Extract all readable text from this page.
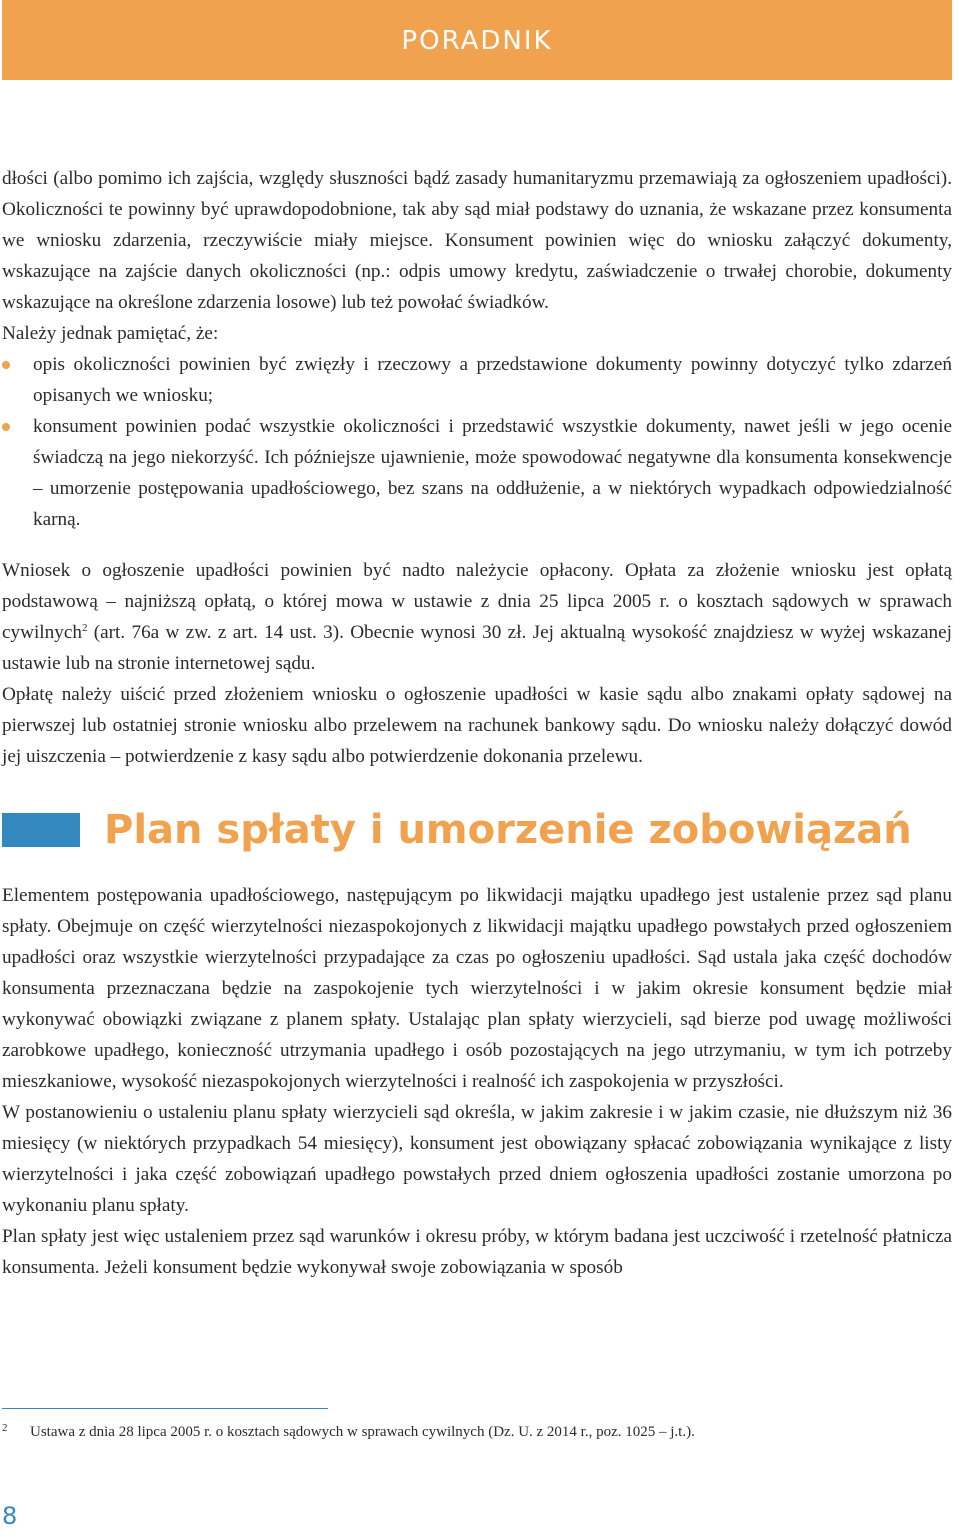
PORADNIK

dłości (albo pomimo ich zajścia, względy słuszności bądź zasady humanitaryzmu przemawiają za ogłoszeniem upadłości). Okoliczności te powinny być uprawdopodobnione, tak aby sąd miał podstawy do uznania, że wskazane przez konsumenta we wniosku zdarzenia, rzeczywiście miały miejsce. Konsument powinien więc do wniosku załączyć dokumenty, wskazujące na zajście danych okoliczności (np.: odpis umowy kredytu, zaświadczenie o trwałej chorobie, dokumenty wskazujące na określone zdarzenia losowe) lub też powołać świadków.

Należy jednak pamiętać, że:

opis okoliczności powinien być zwięzły i rzeczowy a przedstawione dokumenty powinny dotyczyć tylko zdarzeń opisanych we wniosku;
konsument powinien podać wszystkie okoliczności i przedstawić wszystkie dokumenty, nawet jeśli w jego ocenie świadczą na jego niekorzyść. Ich późniejsze ujawnienie, może spowodować negatywne dla konsumenta konsekwencje – umorzenie postępowania upadłościowego, bez szans na oddłużenie, a w niektórych wypadkach odpowiedzialność karną.

Wniosek o ogłoszenie upadłości powinien być nadto należycie opłacony. Opłata za złożenie wniosku jest opłatą podstawową – najniższą opłatą, o której mowa w ustawie z dnia 25 lipca 2005 r. o kosztach sądowych w sprawach cywilnych$^2$ (art. 76a w zw. z art. 14 ust. 3). Obecnie wynosi 30 zł. Jej aktualną wysokość znajdziesz w wyżej wskazanej ustawie lub na stronie internetowej sądu.

Opłatę należy uiścić przed złożeniem wniosku o ogłoszenie upadłości w kasie sądu albo znakami opłaty sądowej na pierwszej lub ostatniej stronie wniosku albo przelewem na rachunek bankowy sądu. Do wniosku należy dołączyć dowód jej uiszczenia – potwierdzenie z kasy sądu albo potwierdzenie dokonania przelewu.

Plan spłaty i umorzenie zobowiązań

Elementem postępowania upadłościowego, następującym po likwidacji majątku upadłego jest ustalenie przez sąd planu spłaty. Obejmuje on część wierzytelności niezaspokojonych z likwidacji majątku upadłego powstałych przed ogłoszeniem upadłości oraz wszystkie wierzytelności przypadające za czas po ogłoszeniu upadłości. Sąd ustala jaka część dochodów konsumenta przeznaczana będzie na zaspokojenie tych wierzytelności i w jakim okresie konsument będzie miał wykonywać obowiązki związane z planem spłaty. Ustalając plan spłaty wierzycieli, sąd bierze pod uwagę możliwości zarobkowe upadłego, konieczność utrzymania upadłego i osób pozostających na jego utrzymaniu, w tym ich potrzeby mieszkaniowe, wysokość niezaspokojonych wierzytelności i realność ich zaspokojenia w przyszłości.

W postanowieniu o ustaleniu planu spłaty wierzycieli sąd określa, w jakim zakresie i w jakim czasie, nie dłuższym niż 36 miesięcy (w niektórych przypadkach 54 miesięcy), konsument jest obowiązany spłacać zobowiązania wynikające z listy wierzytelności i jaka część zobowiązań upadłego powstałych przed dniem ogłoszenia upadłości zostanie umorzona po wykonaniu planu spłaty.

Plan spłaty jest więc ustaleniem przez sąd warunków i okresu próby, w którym badana jest uczciwość i rzetelność płatnicza konsumenta. Jeżeli konsument będzie wykonywał swoje zobowiązania w sposób

2 Ustawa z dnia 28 lipca 2005 r. o kosztach sądowych w sprawach cywilnych (Dz. U. z 2014 r., poz. 1025 – j.t.).
8
